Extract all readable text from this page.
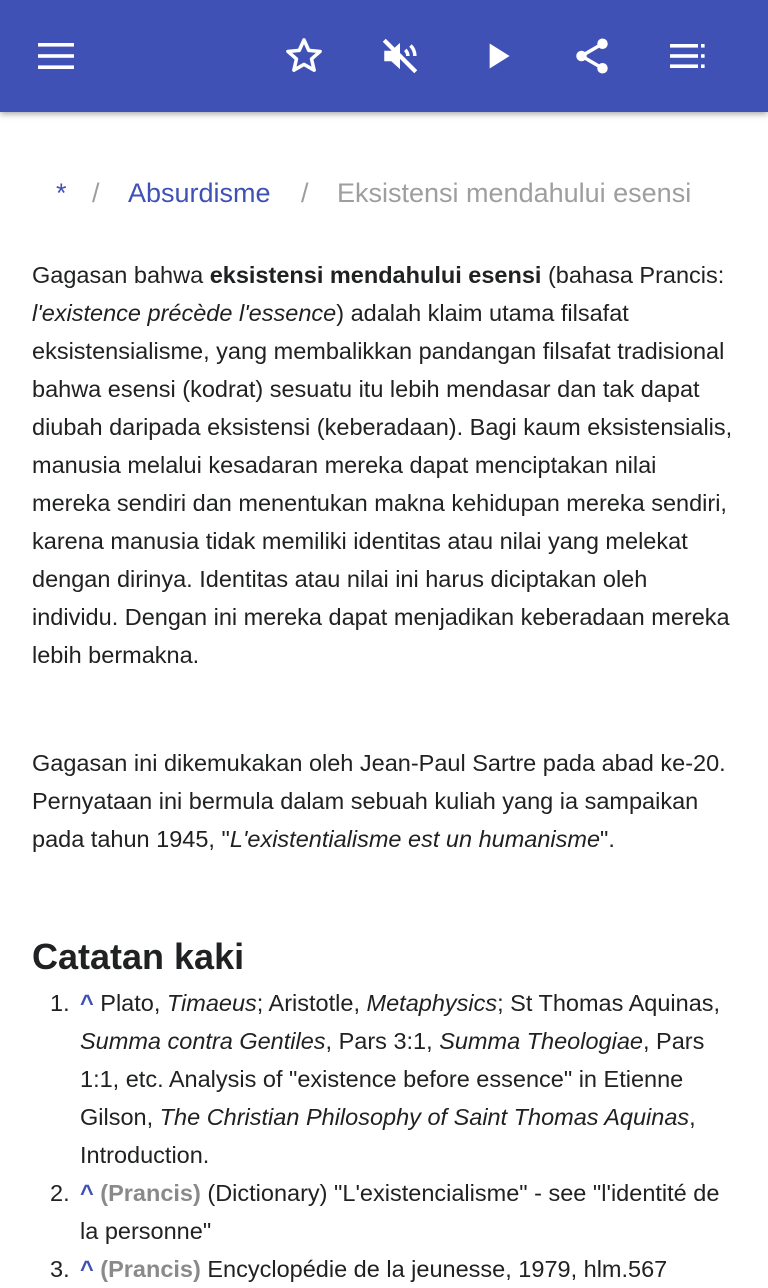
* / Absurdisme / Eksistensi mendahului esensi
Gagasan bahwa eksistensi mendahului esensi (bahasa Prancis: l'existence précède l'essence) adalah klaim utama filsafat eksistensialisme, yang membalikkan pandangan filsafat tradisional bahwa esensi (kodrat) sesuatu itu lebih mendasar dan tak dapat diubah daripada eksistensi (keberadaan). Bagi kaum eksistensialis, manusia melalui kesadaran mereka dapat menciptakan nilai mereka sendiri dan menentukan makna kehidupan mereka sendiri, karena manusia tidak memiliki identitas atau nilai yang melekat dengan dirinya. Identitas atau nilai ini harus diciptakan oleh individu. Dengan ini mereka dapat menjadikan keberadaan mereka lebih bermakna.
Gagasan ini dikemukakan oleh Jean-Paul Sartre pada abad ke-20. Pernyataan ini bermula dalam sebuah kuliah yang ia sampaikan pada tahun 1945, "L'existentialisme est un humanisme".
Catatan kaki
1. ^ Plato, Timaeus; Aristotle, Metaphysics; St Thomas Aquinas, Summa contra Gentiles, Pars 3:1, Summa Theologiae, Pars 1:1, etc. Analysis of "existence before essence" in Etienne Gilson, The Christian Philosophy of Saint Thomas Aquinas, Introduction.
2. ^ (Prancis) (Dictionary) "L'existencialisme" - see "l'identité de la personne"
3. ^ (Prancis) Encyclopédie de la jeunesse, 1979, hlm.567
